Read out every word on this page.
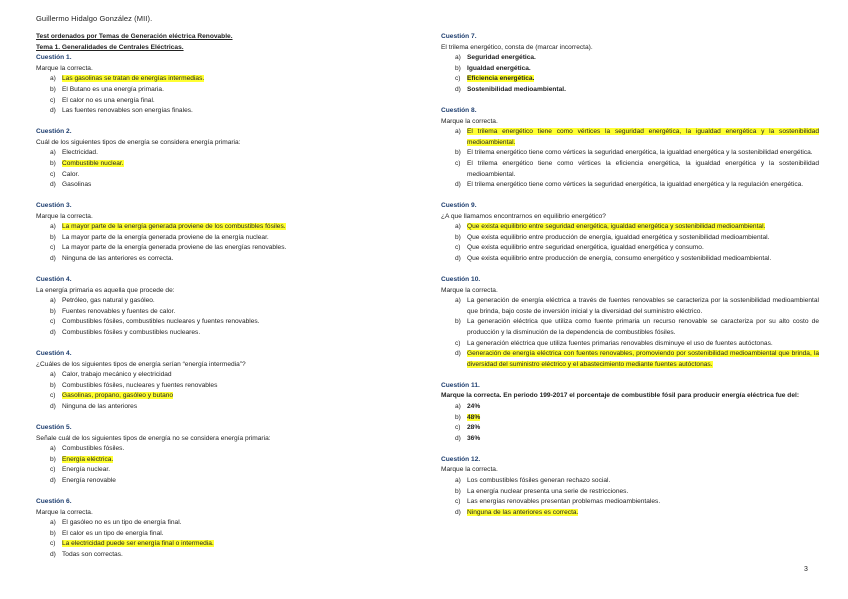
Guillermo Hidalgo González (MII).
Test ordenados por Temas de Generación eléctrica Renovable.
Tema 1. Generalidades de Centrales Eléctricas.
Cuestión 1.
Marque la correcta.
a) Las gasolinas se tratan de energías intermedias.
b) El Butano es una energía primaria.
c) El calor no es una energía final.
d) Las fuentes renovables son energías finales.
Cuestión 2.
Cuál de los siguientes tipos de energía se considera energía primaria:
a) Electricidad.
b) Combustible nuclear.
c) Calor.
d) Gasolinas
Cuestión 3.
Marque la correcta.
a) La mayor parte de la energía generada proviene de los combustibles fósiles.
b) La mayor parte de la energía generada proviene de la energía nuclear.
c) La mayor parte de la energía generada proviene de las energías renovables.
d) Ninguna de las anteriores es correcta.
Cuestión 4.
La energía primaria es aquella que procede de:
a) Petróleo, gas natural y gasóleo.
b) Fuentes renovables y fuentes de calor.
c) Combustibles fósiles, combustibles nucleares y fuentes renovables.
d) Combustibles fósiles y combustibles nucleares.
Cuestión 4.
¿Cuáles de los siguientes tipos de energía serían “energía intermedia”?
a) Calor, trabajo mecánico y electricidad
b) Combustibles fósiles, nucleares y fuentes renovables
c) Gasolinas, propano, gasóleo y butano
d) Ninguna de las anteriores
Cuestión 5.
Señale cuál de los siguientes tipos de energía no se considera energía primaria:
a) Combustibles fósiles.
b) Energía eléctrica.
c) Energía nuclear.
d) Energía renovable
Cuestión 6.
Marque la correcta.
a) El gasóleo no es un tipo de energía final.
b) El calor es un tipo de energía final.
c) La electricidad puede ser energía final o intermedia.
d) Todas son correctas.
Cuestión 7.
El trilema energético, consta de (marcar incorrecta).
a) Seguridad energética.
b) Igualdad energética.
c) Eficiencia energética.
d) Sostenibilidad medioambiental.
Cuestión 8.
Marque la correcta.
a) El trilema energético tiene como vértices la seguridad energética, la igualdad energética y la sostenibilidad medioambiental.
b) El trilema energético tiene como vértices la seguridad energética, la igualdad energética y la sostenibilidad energética.
c) El trilema energético tiene como vértices la eficiencia energética, la igualdad energética y la sostenibilidad medioambiental.
d) El trilema energético tiene como vértices la seguridad energética, la igualdad energética y la regulación energética.
Cuestión 9.
¿A que llamamos encontrarnos en equilibrio energético?
a) Que exista equilibrio entre seguridad energética, igualdad energética y sostenibilidad medioambiental.
b) Que exista equilibrio entre producción de energía, igualdad energética y sostenibilidad medioambiental.
c) Que exista equilibrio entre seguridad energética, igualdad energética y consumo.
d) Que exista equilibrio entre producción de energía, consumo energético y sostenibilidad medioambiental.
Cuestión 10.
Marque la correcta.
a) La generación de energía eléctrica a través de fuentes renovables se caracteriza por la sostenibilidad medioambiental que brinda, bajo coste de inversión inicial y la diversidad del suministro eléctrico.
b) La generación eléctrica que utiliza como fuente primaria un recurso renovable se caracteriza por su alto costo de producción y la disminución de la dependencia de combustibles fósiles.
c) La generación eléctrica que utiliza fuentes primarias renovables disminuye el uso de fuentes autóctonas.
d) Generación de energía eléctrica con fuentes renovables, promoviendo por sostenibilidad medioambiental que brinda, la diversidad del suministro eléctrico y el abastecimiento mediante fuentes autóctonas.
Cuestión 11.
Marque la correcta. En periodo 199-2017 el porcentaje de combustible fósil para producir energía eléctrica fue del:
a) 24%
b) 48%
c) 28%
d) 36%
Cuestión 12.
Marque la correcta.
a) Los combustibles fósiles generan rechazo social.
b) La energía nuclear presenta una serie de restricciones.
c) Las energías renovables presentan problemas medioambientales.
d) Ninguna de las anteriores es correcta.
3
